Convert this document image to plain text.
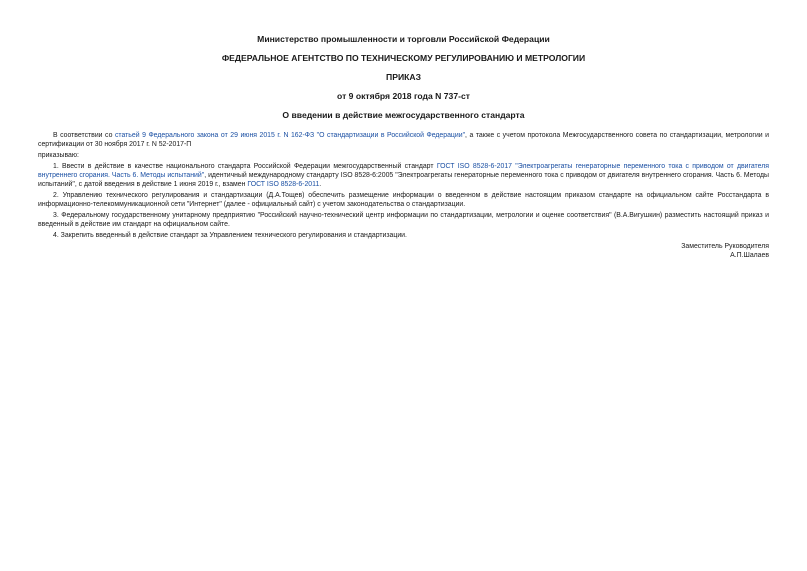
Министерство промышленности и торговли Российской Федерации

ФЕДЕРАЛЬНОЕ АГЕНТСТВО ПО ТЕХНИЧЕСКОМУ РЕГУЛИРОВАНИЮ И МЕТРОЛОГИИ

ПРИКАЗ

от 9 октября 2018 года N 737-ст

О введении в действие межгосударственного стандарта

В соответствии со статьей 9 Федерального закона от 29 июня 2015 г. N 162-ФЗ "О стандартизации в Российской Федерации", а также с учетом протокола Межгосударственного совета по стандартизации, метрологии и сертификации от 30 ноября 2017 г. N 52-2017-П

приказываю:

1. Ввести в действие в качестве национального стандарта Российской Федерации межгосударственный стандарт ГОСТ ISO 8528-6-2017 "Электроагрегаты генераторные переменного тока с приводом от двигателя внутреннего сгорания. Часть 6. Методы испытаний", идентичный международному стандарту ISO 8528-6:2005 "Электроагрегаты генераторные переменного тока с приводом от двигателя внутреннего сгорания. Часть 6. Методы испытаний", с датой введения в действие 1 июня 2019 г., взамен ГОСТ ISO 8528-6-2011.

2. Управлению технического регулирования и стандартизации (Д.А.Тощев) обеспечить размещение информации о введенном в действие настоящим приказом стандарте на официальном сайте Росстандарта в информационно-телекоммуникационной сети "Интернет" (далее - официальный сайт) с учетом законодательства о стандартизации.

3. Федеральному государственному унитарному предприятию "Российский научно-технический центр информации по стандартизации, метрологии и оценке соответствия" (В.А.Вигушкин) разместить настоящий приказ и введенный в действие им стандарт на официальном сайте.

4. Закрепить введенный в действие стандарт за Управлением технического регулирования и стандартизации.

Заместитель Руководителя
А.П.Шалаев
